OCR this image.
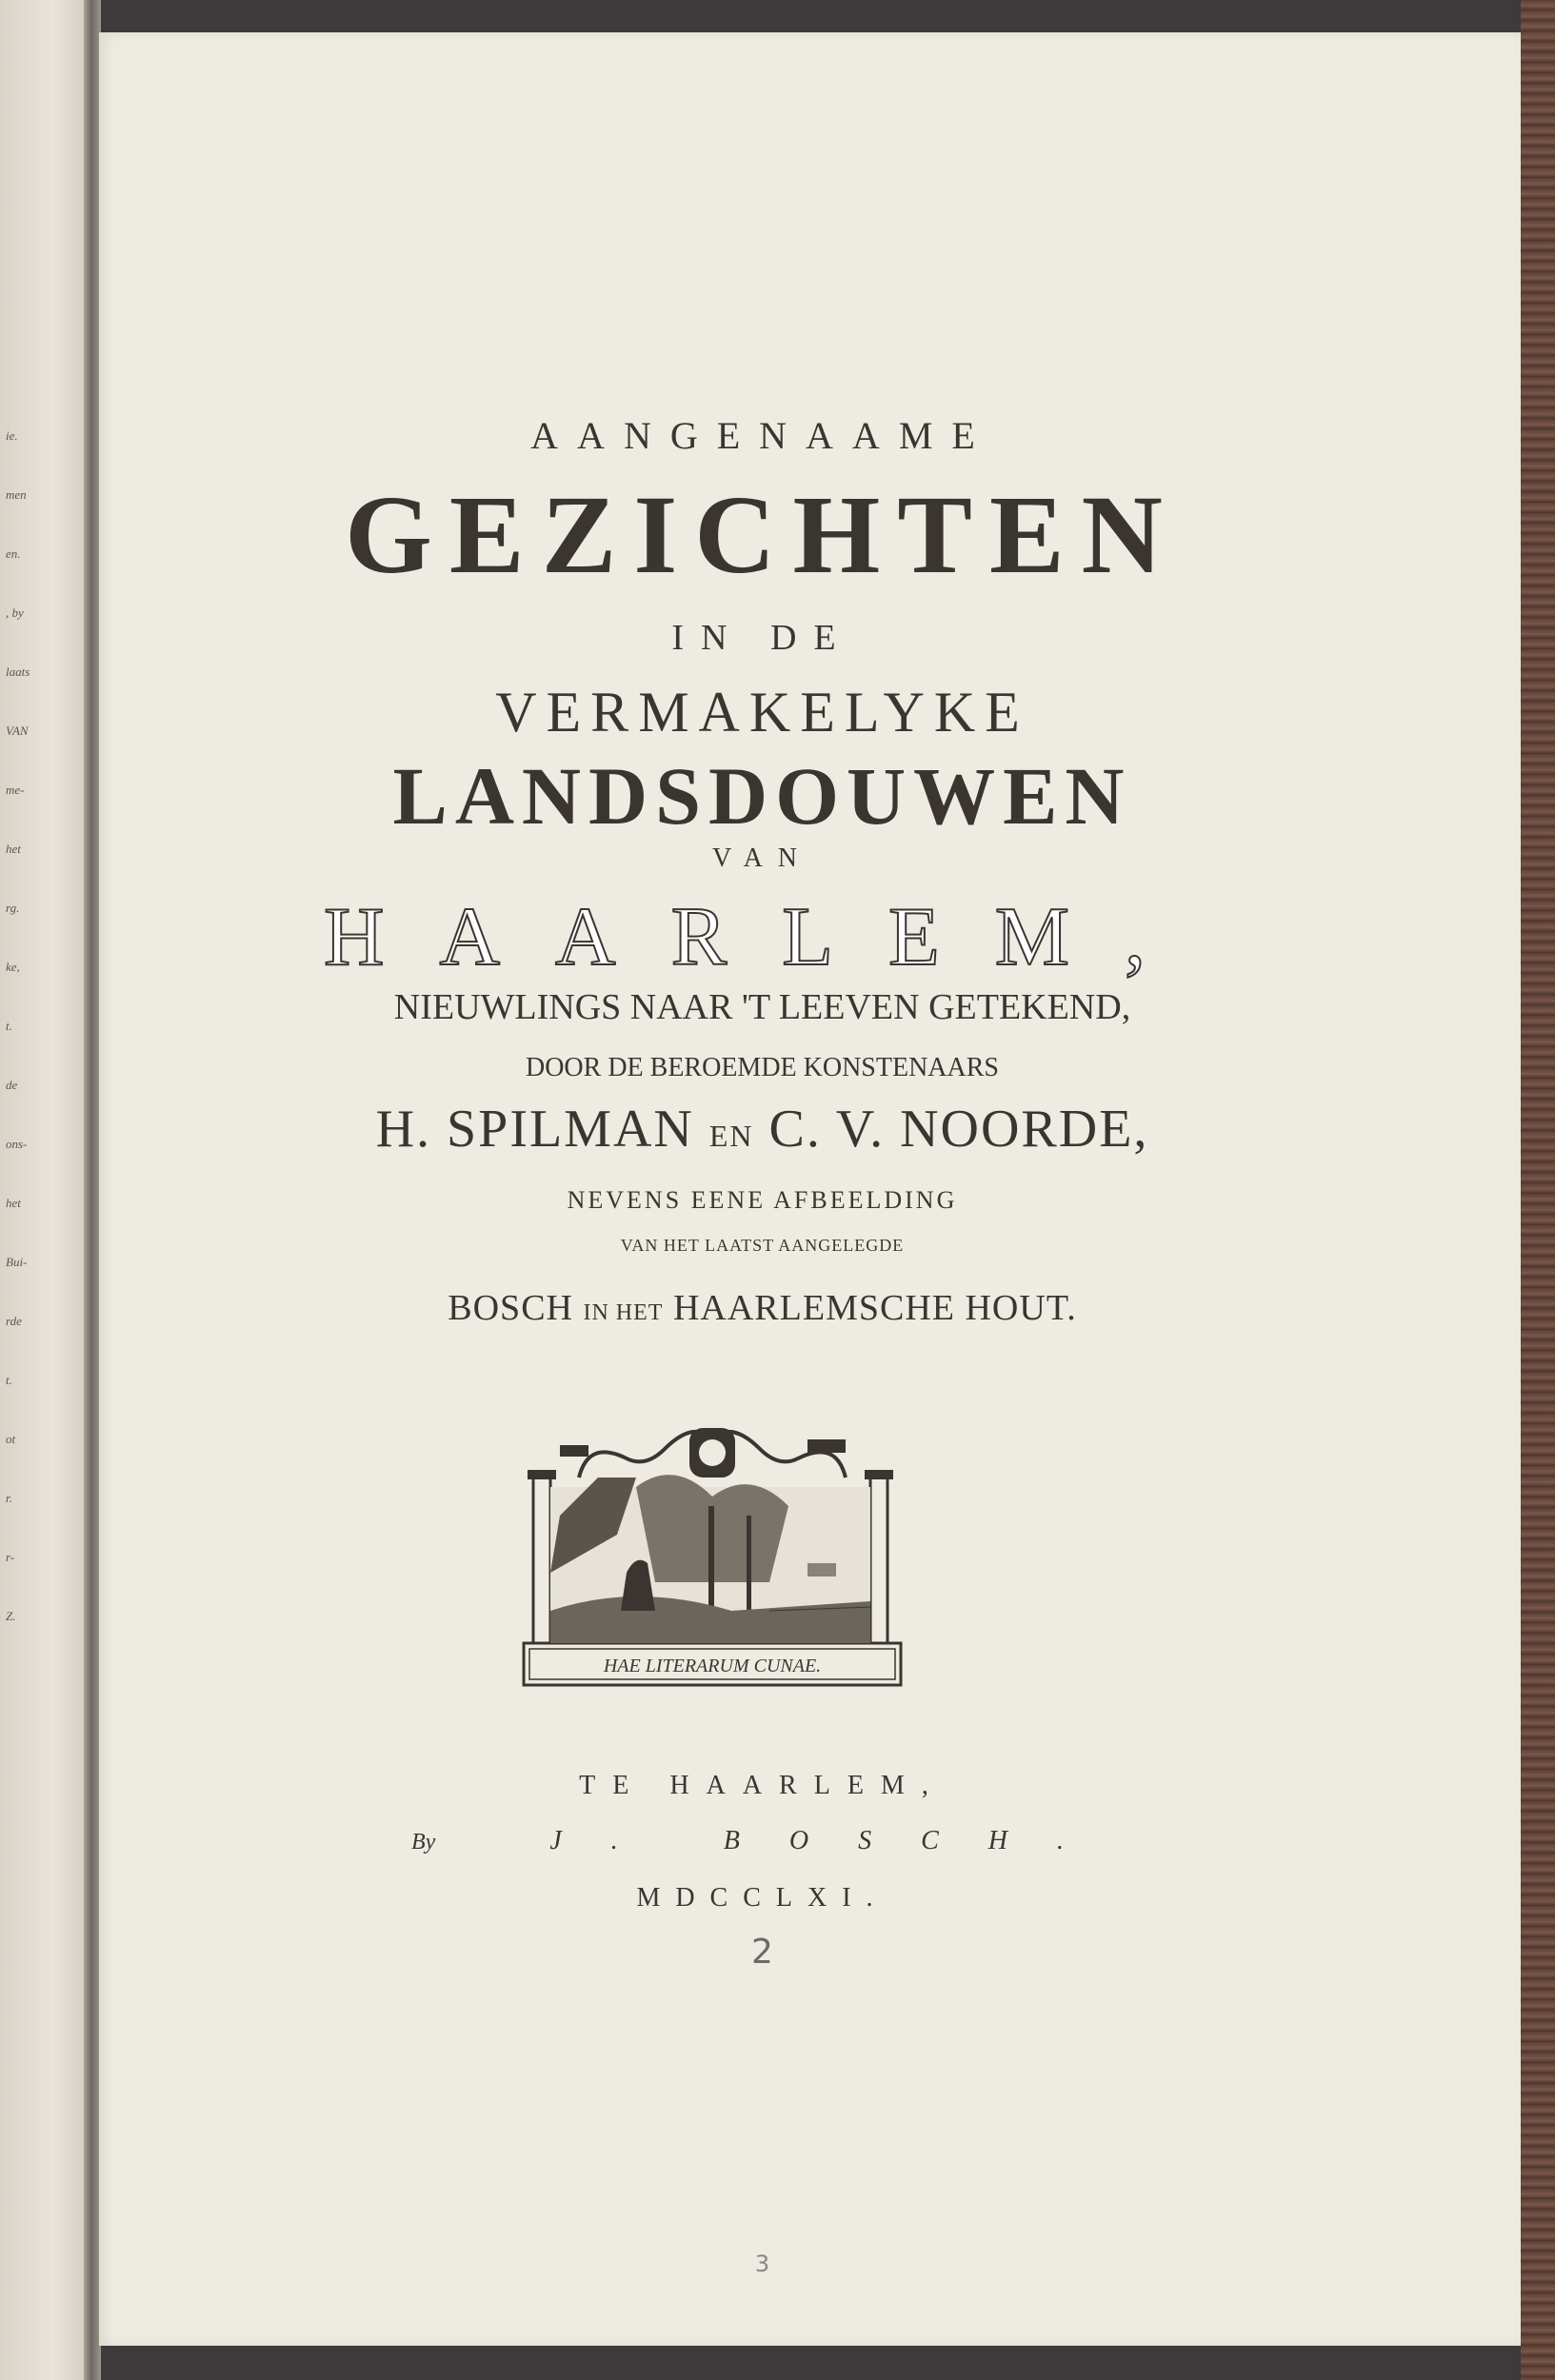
ie.
men
en.
, by
laats
VAN
me-
het
rg.
ke,
t.
de
ons-
het
Bui-
rde
t.
ot
r.
r-
Z.
AANGENAAME
GEZICHTEN
IN DE
VERMAKELYKE
LANDSDOUWEN
VAN
HAARLEM,
NIEUWLINGS NAAR 'T LEEVEN GETEKEND,
DOOR DE BEROEMDE KONSTENAARS
H. SPILMAN EN C. V. NOORDE,
NEVENS EENE AFBEELDING
VAN HET LAATST AANGELEGDE
BOSCH IN HET HAARLEMSCHE HOUT.
HAE LITERARUM CUNAE.
TE HAARLEM,
By	J. BOSCH.
MDCCLXI.
2
3
